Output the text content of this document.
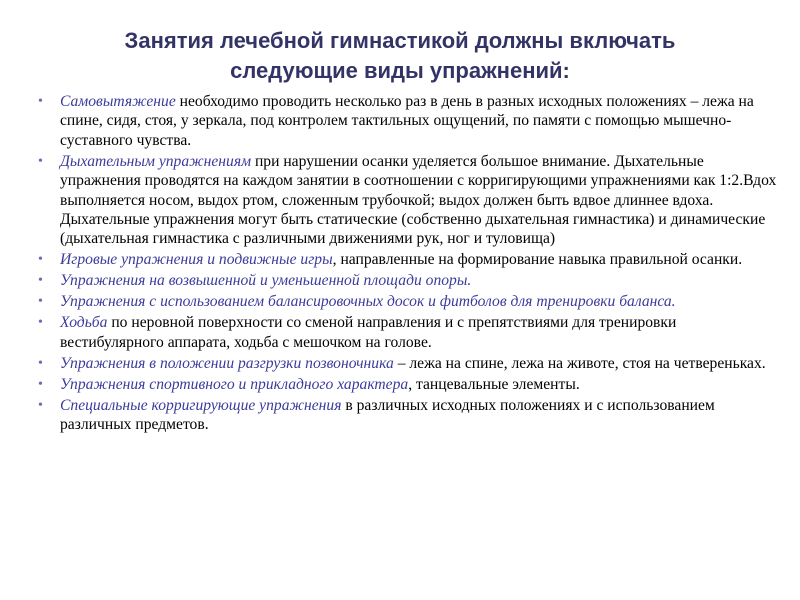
Занятия лечебной гимнастикой должны включать
следующие виды упражнений:
• Самовытяжение необходимо проводить несколько раз в день в разных исходных положениях – лежа на спине, сидя, стоя, у зеркала, под контролем тактильных ощущений, по памяти с помощью мышечно-суставного чувства.
• Дыхательным упражнениям при нарушении осанки уделяется большое внимание. Дыхательные упражнения проводятся на каждом занятии в соотношении с корригирующими упражнениями как 1:2.Вдох выполняется носом, выдох ртом, сложенным трубочкой; выдох должен быть вдвое длиннее вдоха. Дыхательные упражнения могут быть статические (собственно дыхательная гимнастика) и динамические (дыхательная гимнастика с различными движениями рук, ног и туловища)
• Игровые упражнения и подвижные игры, направленные на формирование навыка правильной осанки.
• Упражнения на возвышенной и уменьшенной площади опоры.
• Упражнения с использованием балансировочных досок и фитболов для тренировки баланса.
• Ходьба по неровной поверхности со сменой направления и с препятствиями для тренировки вестибулярного аппарата, ходьба с мешочком на голове.
• Упражнения в положении разгрузки позвоночника – лежа на спине, лежа на животе, стоя на четвереньках.
• Упражнения спортивного и прикладного характера, танцевальные элементы.
• Специальные корригирующие упражнения в различных исходных положениях и с использованием различных предметов.
